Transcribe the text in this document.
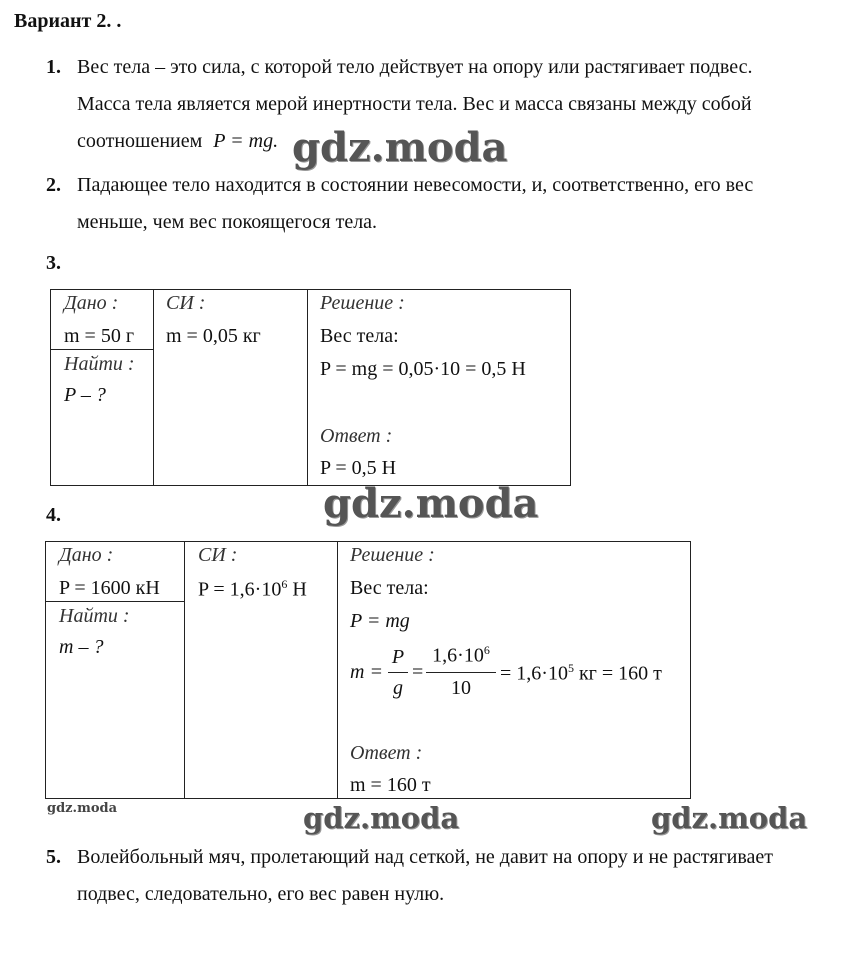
Вариант 2. .
1. Вес тела – это сила, с которой тело действует на опору или растягивает подвес.
Масса тела является мерой инертности тела. Вес и масса связаны между собой
соотношением P = mg.
2. Падающее тело находится в состоянии невесомости, и, соответственно, его вес
меньше, чем вес покоящегося тела.
3.
Дано :
m = 50 г
Найти :
P – ?
СИ :
m = 0,05 кг
Решение :
Вес тела:
P = mg = 0,05·10 = 0,5 Н
Ответ :
P = 0,5 Н
4.
Дано :
P = 1600 кН
Найти :
m – ?
СИ :
$P = 1,6\cdot 10^6$ Н
Решение :
Вес тела:
P = mg
m =
P
g
=
$1,6\cdot 10^6$
10
= $1,6\cdot 10^5$ кг = 160 т
Ответ :
m = 160 т
5. Волейбольный мяч, пролетающий над сеткой, не давит на опору и не растягивает
подвес, следовательно, его вес равен нулю.
gdz.moda
gdz.moda
gdz.moda	gdz.moda	gdz.moda
